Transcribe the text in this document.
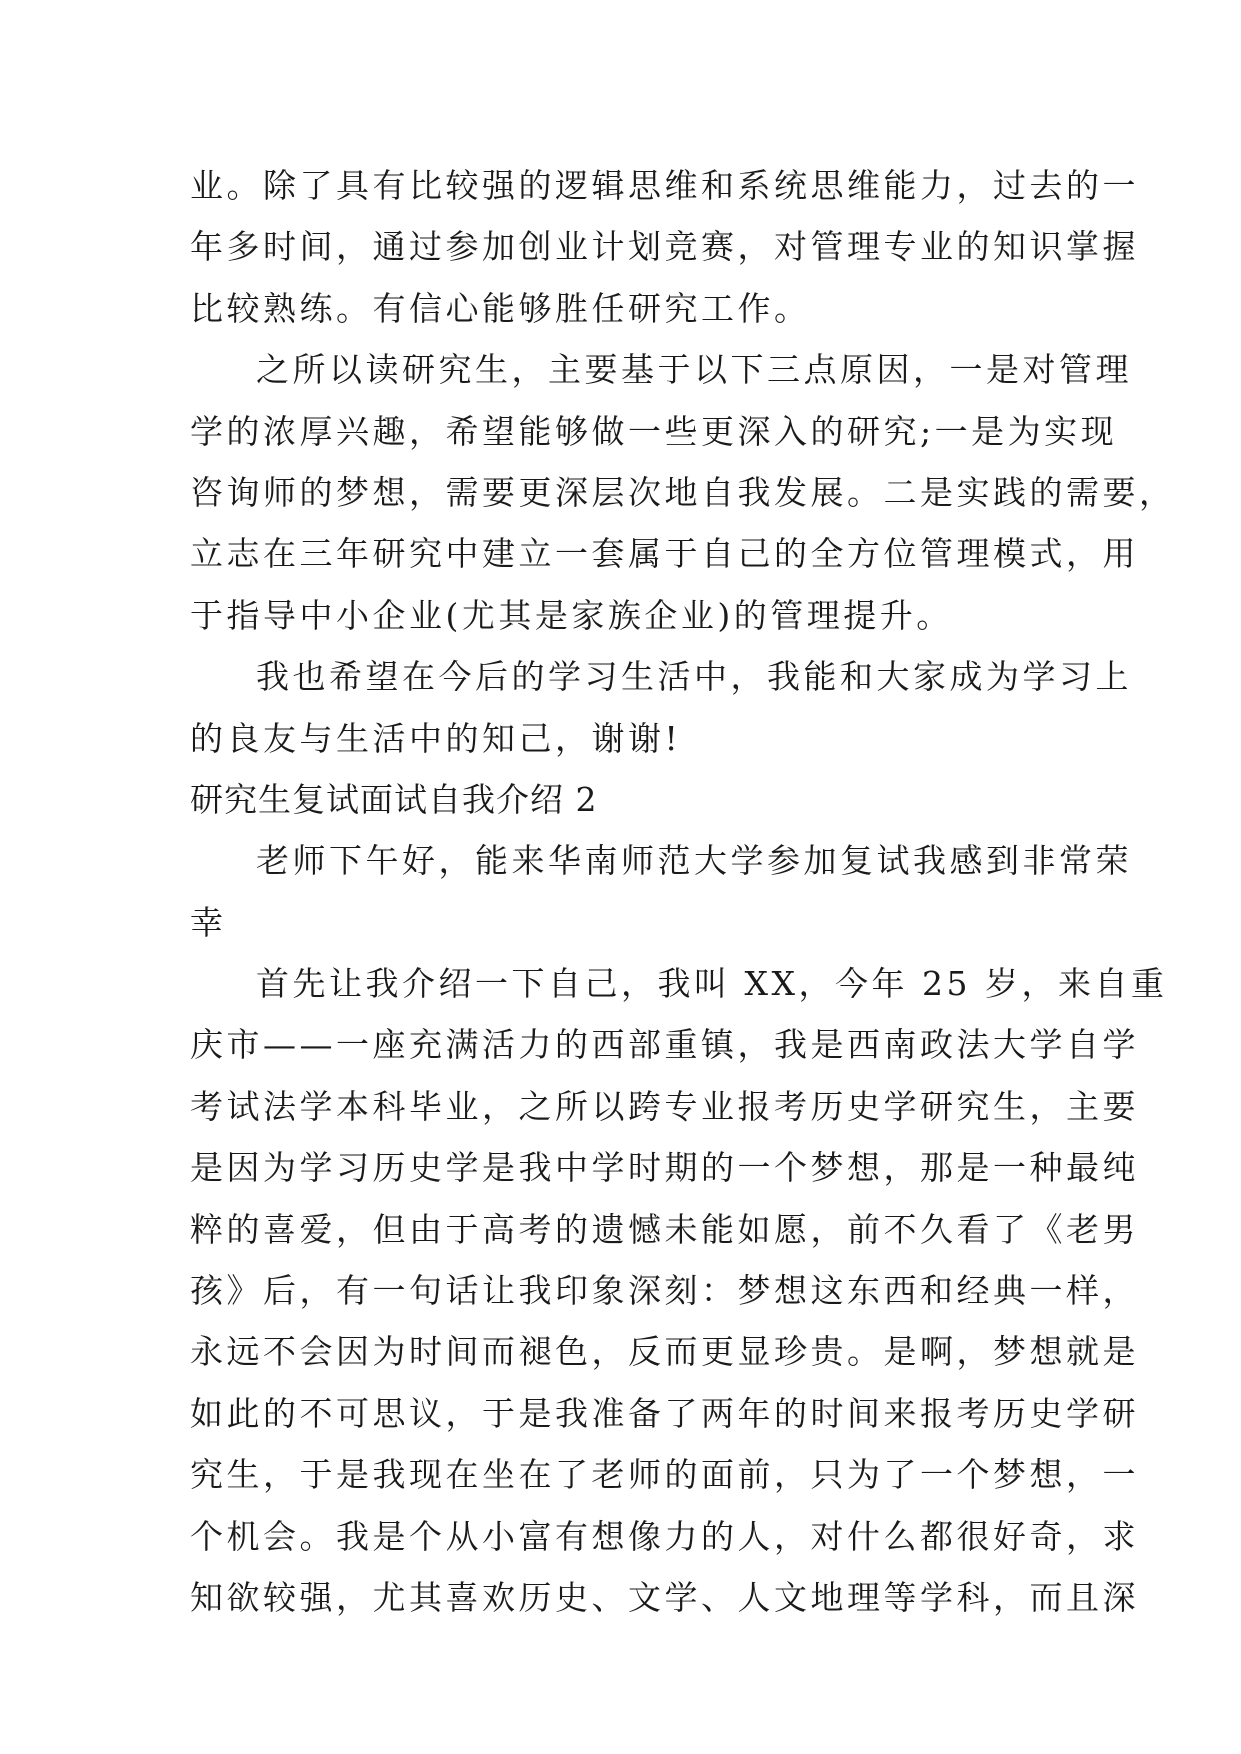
业。除了具有比较强的逻辑思维和系统思维能力，过去的一
年多时间，通过参加创业计划竞赛，对管理专业的知识掌握
比较熟练。有信心能够胜任研究工作。
之所以读研究生，主要基于以下三点原因，一是对管理
学的浓厚兴趣，希望能够做一些更深入的研究;一是为实现
咨询师的梦想，需要更深层次地自我发展。二是实践的需要，
立志在三年研究中建立一套属于自己的全方位管理模式，用
于指导中小企业(尤其是家族企业)的管理提升。
我也希望在今后的学习生活中，我能和大家成为学习上
的良友与生活中的知己，谢谢!
研究生复试面试自我介绍 2
老师下午好，能来华南师范大学参加复试我感到非常荣
幸
首先让我介绍一下自己，我叫 XX，今年 25 岁，来自重
庆市——一座充满活力的西部重镇，我是西南政法大学自学
考试法学本科毕业，之所以跨专业报考历史学研究生，主要
是因为学习历史学是我中学时期的一个梦想，那是一种最纯
粹的喜爱，但由于高考的遗憾未能如愿，前不久看了《老男
孩》后，有一句话让我印象深刻：梦想这东西和经典一样，
永远不会因为时间而褪色，反而更显珍贵。是啊，梦想就是
如此的不可思议，于是我准备了两年的时间来报考历史学研
究生，于是我现在坐在了老师的面前，只为了一个梦想，一
个机会。我是个从小富有想像力的人，对什么都很好奇，求
知欲较强，尤其喜欢历史、文学、人文地理等学科，而且深
